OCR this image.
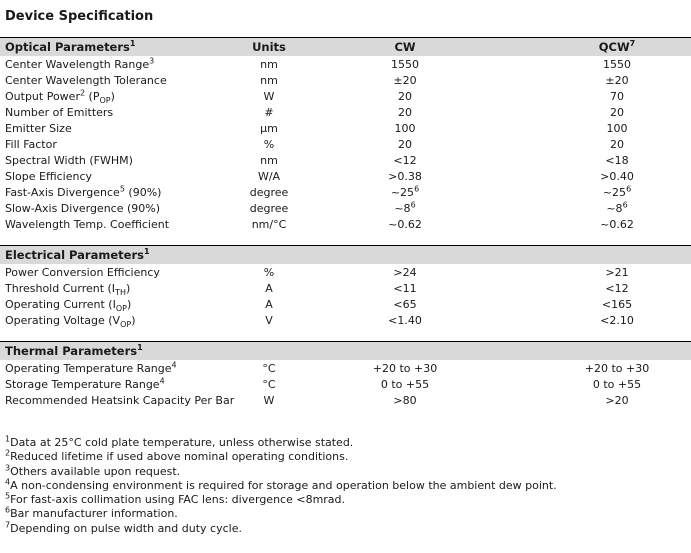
Device Specification
Optical Parameters$^1$	Units	CW	QCW$^7$
Center Wavelength Range$^3$	nm	1550	1550
Center Wavelength Tolerance	nm	±20	±20
Output Power$^2$ $(P_{OP})$	W	20	70
Number of Emitters	#	20	20
Emitter Size	µm	100	100
Fill Factor	%	20	20
Spectral Width (FWHM)	nm	<12	<18
Slope Efficiency	W/A	>0.38	>0.40
Fast-Axis Divergence$^5$ (90%)	degree	$\sim 25^6$	$\sim 25^6$
Slow-Axis Divergence (90%)	degree	$\sim 8^6$	$\sim 8^6$
Wavelength Temp. Coefficient	nm/°C	~0.62	~0.62

Electrical Parameters$^1$			
Power Conversion Efficiency	%	>24	>21
Threshold Current $(I_{TH})$	A	<11	<12
Operating Current $(I_{OP})$	A	<65	<165
Operating Voltage $(V_{OP})$	V	<1.40	<2.10

Thermal Parameters$^1$			
Operating Temperature Range$^4$	°C	+20 to +30	+20 to +30
Storage Temperature Range$^4$	°C	0 to +55	0 to +55
Recommended Heatsink Capacity Per Bar	W	>80	>20
$^1$Data at 25°C cold plate temperature, unless otherwise stated.
$^2$Reduced lifetime if used above nominal operating conditions.
$^3$Others available upon request.
$^4$A non-condensing environment is required for storage and operation below the ambient dew point.
$^5$For fast-axis collimation using FAC lens: divergence <8mrad.
$^6$Bar manufacturer information.
$^7$Depending on pulse width and duty cycle.
